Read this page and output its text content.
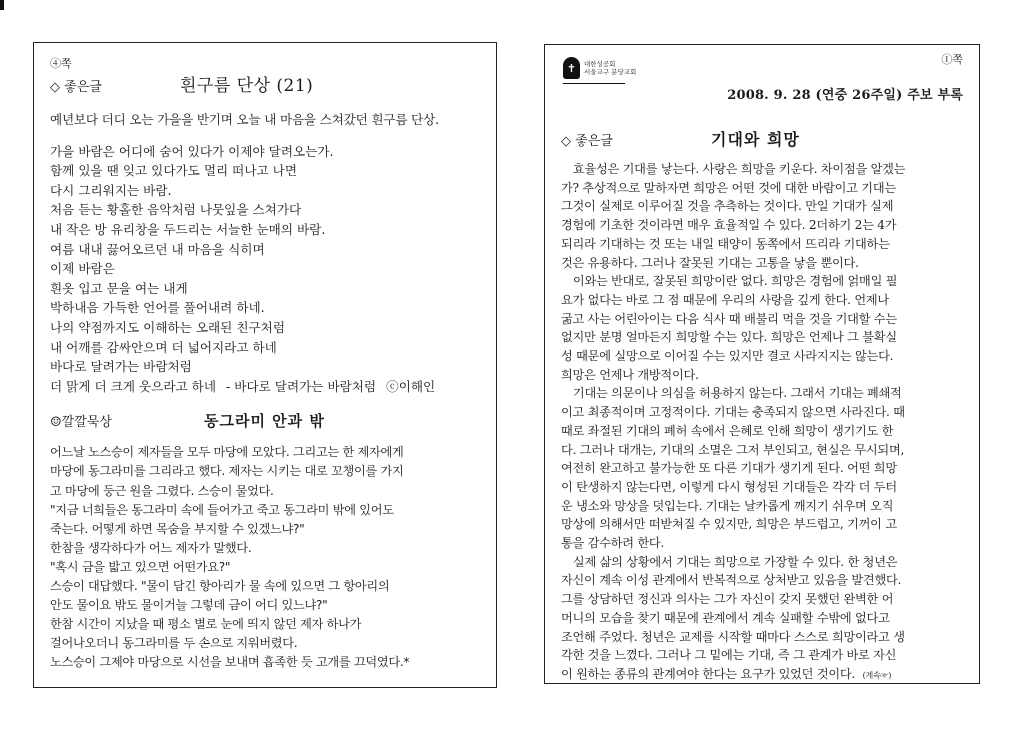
④쪽
◇ 좋은글	흰구름 단상 (21)
예년보다 더디 오는 가을을 반기며 오늘 내 마음을 스쳐갔던 흰구름 단상.
가을 바람은 어디에 숨어 있다가 이제야 달려오는가.
함께 있을 땐 잊고 있다가도 멀리 떠나고 나면
다시 그리워지는 바람.
처음 듣는 황홀한 음악처럼 나뭇잎을 스쳐가다
내 작은 방 유리창을 두드리는 서늘한 눈매의 바람.
여름 내내 끓어오르던 내 마음을 식히며
이제 바람은
흰옷 입고 문을 여는 내게
박하내음 가득한 언어를 풀어내려 하네.
나의 약점까지도 이해하는 오래된 친구처럼
내 어깨를 감싸안으며 더 넓어지라고 하네
바다로 달려가는 바람처럼
더 맑게 더 크게 웃으라고 하네 - 바다로 달려가는 바람처럼 ⓒ이해인
☺깔깔묵상	동그라미 안과 밖
어느날 노스승이 제자들을 모두 마당에 모았다. 그리고는 한 제자에게
마당에 동그라미를 그리라고 했다. 제자는 시키는 대로 꼬챙이를 가지
고 마당에 둥근 원을 그렸다. 스승이 물었다.
"지금 너희들은 동그라미 속에 들어가고 죽고 동그라미 밖에 있어도
죽는다. 어떻게 하면 목숨을 부지할 수 있겠느냐?"
한참을 생각하다가 어느 제자가 말했다.
"혹시 금을 밟고 있으면 어떤가요?"
스승이 대답했다. "물이 담긴 항아리가 물 속에 있으면 그 항아리의
안도 물이요 밖도 물이거늘 그렇데 금이 어디 있느냐?"
한참 시간이 지났을 때 평소 별로 눈에 띄지 않던 제자 하나가
걸어나오더니 동그라미를 두 손으로 지워버렸다.
노스승이 그제야 마당으로 시선을 보내며 흡족한 듯 고개를 끄덕였다.*
①쪽
✝	대한성공회
서울교구 분당교회
2008. 9. 28 (연중 26주일) 주보 부록
◇ 좋은글	기대와 희망
　효율성은 기대를 낳는다. 사랑은 희망을 키운다. 차이점을 알겠는
가? 추상적으로 말하자면 희망은 어떤 것에 대한 바람이고 기대는
그것이 실제로 이루어질 것을 추측하는 것이다. 만일 기대가 실제
경험에 기초한 것이라면 매우 효율적일 수 있다. 2더하기 2는 4가
되리라 기대하는 것 또는 내일 태양이 동쪽에서 뜨리라 기대하는
것은 유용하다. 그러나 잘못된 기대는 고통을 낳을 뿐이다.
　이와는 반대로, 잘못된 희망이란 없다. 희망은 경험에 얽매일 필
요가 없다는 바로 그 점 때문에 우리의 사랑을 깊게 한다. 언제나
굶고 사는 어린아이는 다음 식사 때 배불리 먹을 것을 기대할 수는
없지만 분명 얼마든지 희망할 수는 있다. 희망은 언제나 그 불확실
성 때문에 실망으로 이어질 수는 있지만 결코 사라지지는 않는다.
희망은 언제나 개방적이다.
　기대는 의문이나 의심을 허용하지 않는다. 그래서 기대는 폐쇄적
이고 최종적이며 고정적이다. 기대는 충족되지 않으면 사라진다. 때
때로 좌절된 기대의 폐허 속에서 은혜로 인해 희망이 생기기도 한
다. 그러나 대개는, 기대의 소멸은 그저 부인되고, 현실은 무시되며,
여전히 완고하고 불가능한 또 다른 기대가 생기게 된다. 어떤 희망
이 탄생하지 않는다면, 이렇게 다시 형성된 기대들은 각각 더 두터
운 냉소와 망상을 덧입는다. 기대는 날카롭게 깨지기 쉬우며 오직
망상에 의해서만 떠받쳐질 수 있지만, 희망은 부드럽고, 기꺼이 고
통을 감수하려 한다.
　실제 삶의 상황에서 기대는 희망으로 가장할 수 있다. 한 청년은
자신이 계속 이성 관계에서 반복적으로 상처받고 있음을 발견했다.
그를 상담하던 정신과 의사는 그가 자신이 갖지 못했던 완벽한 어
머니의 모습을 찾기 때문에 관계에서 계속 실패할 수밖에 없다고
조언해 주었다. 청년은 교제를 시작할 때마다 스스로 희망이라고 생
각한 것을 느꼈다. 그러나 그 밑에는 기대, 즉 그 관계가 바로 자신
이 원하는 종류의 관계여야 한다는 요구가 있었던 것이다. (계속☞)
